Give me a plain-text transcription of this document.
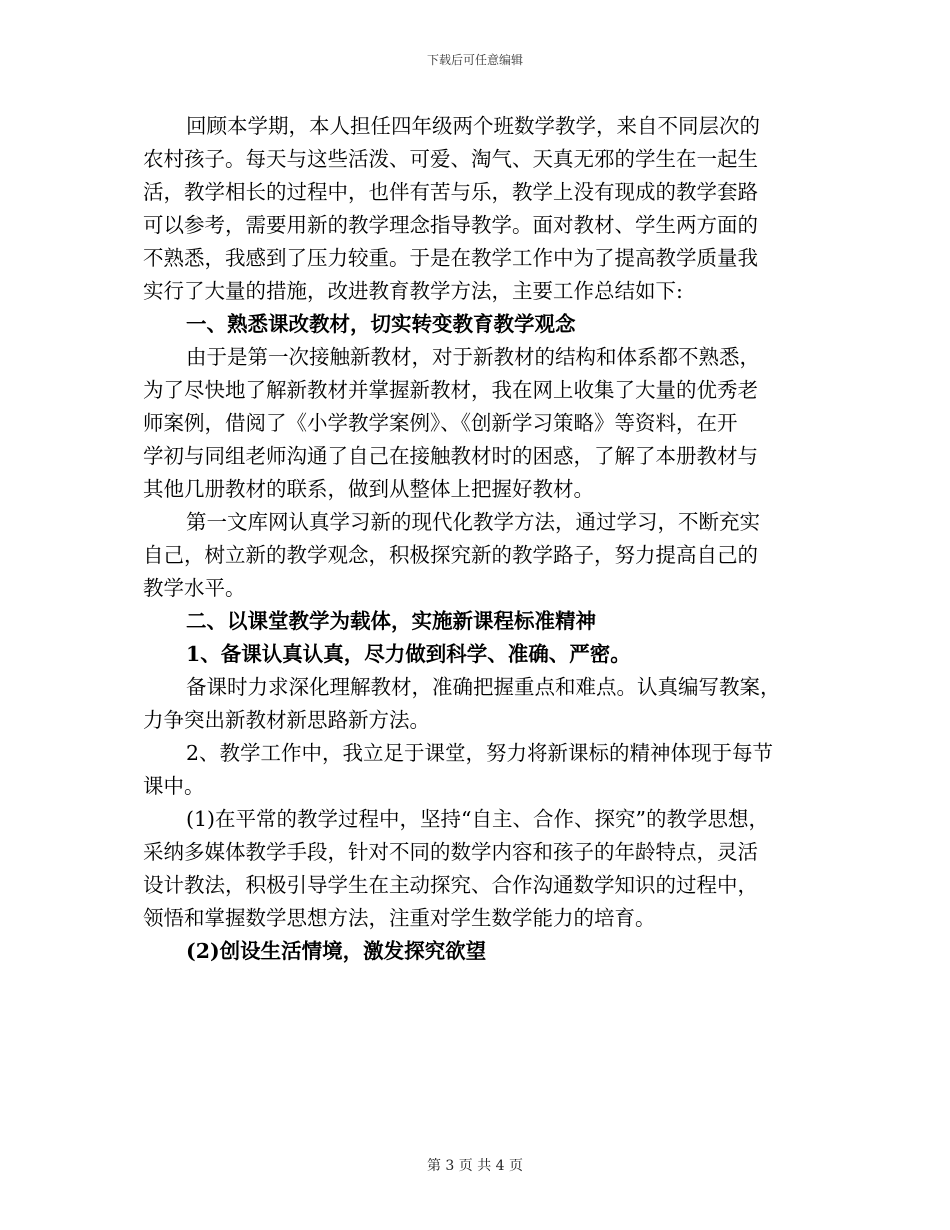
下载后可任意编辑
回顾本学期，本人担任四年级两个班数学教学，来自不同层次的
农村孩子。每天与这些活泼、可爱、淘气、天真无邪的学生在一起生
活，教学相长的过程中，也伴有苦与乐，教学上没有现成的教学套路
可以参考，需要用新的教学理念指导教学。面对教材、学生两方面的
不熟悉，我感到了压力较重。于是在教学工作中为了提高教学质量我
实行了大量的措施，改进教育教学方法，主要工作总结如下:
一、熟悉课改教材，切实转变教育教学观念
由于是第一次接触新教材，对于新教材的结构和体系都不熟悉，
为了尽快地了解新教材并掌握新教材，我在网上收集了大量的优秀老
师案例，借阅了《小学教学案例》、《创新学习策略》等资料，在开
学初与同组老师沟通了自己在接触教材时的困惑，了解了本册教材与
其他几册教材的联系，做到从整体上把握好教材。
第一文库网认真学习新的现代化教学方法，通过学习，不断充实
自己，树立新的教学观念，积极探究新的教学路子，努力提高自己的
教学水平。
二、以课堂教学为载体，实施新课程标准精神
1、备课认真认真，尽力做到科学、准确、严密。
备课时力求深化理解教材，准确把握重点和难点。认真编写教案，
力争突出新教材新思路新方法。
2、教学工作中，我立足于课堂，努力将新课标的精神体现于每节
课中。
(1)在平常的教学过程中，坚持“自主、合作、探究”的教学思想，
采纳多媒体教学手段，针对不同的数学内容和孩子的年龄特点，灵活
设计教法，积极引导学生在主动探究、合作沟通数学知识的过程中，
领悟和掌握数学思想方法，注重对学生数学能力的培育。
(2)创设生活情境，激发探究欲望
第 3 页 共 4 页
